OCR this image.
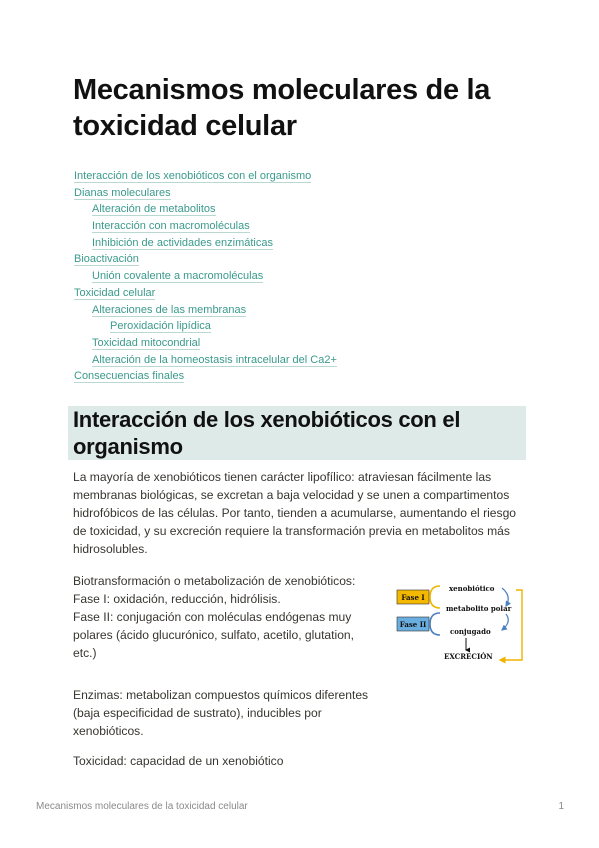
Mecanismos moleculares de la toxicidad celular
Interacción de los xenobióticos con el organismo
Dianas moleculares
Alteración de metabolitos
Interacción con macromoléculas
Inhibición de actividades enzimáticas
Bioactivación
Unión covalente a macromoléculas
Toxicidad celular
Alteraciones de las membranas
Peroxidación lipídica
Toxicidad mitocondrial
Alteración de la homeostasis intracelular del Ca2+
Consecuencias finales
Interacción de los xenobióticos con el organismo

La mayoría de xenobióticos tienen carácter lipofílico: atraviesan fácilmente las membranas biológicas, se excretan a baja velocidad y se unen a compartimentos hidrofóbicos de las células. Por tanto, tienden a acumularse, aumentando el riesgo de toxicidad, y su excreción requiere la transformación previa en metabolitos más hidrosolubles.

Biotransformación o metabolización de xenobióticos:
Fase I: oxidación, reducción, hidrólisis.
Fase II: conjugación con moléculas endógenas muy polares (ácido glucurónico, sulfato, acetilo, glutation, etc.)

Enzimas: metabolizan compuestos químicos diferentes (baja especificidad de sustrato), inducibles por xenobióticos.

Toxicidad: capacidad de un xenobiótico

Fase I
Fase II
xenobiótico
metabolito polar
conjugado
EXCRECIÓN
Mecanismos moleculares de la toxicidad celular	1
